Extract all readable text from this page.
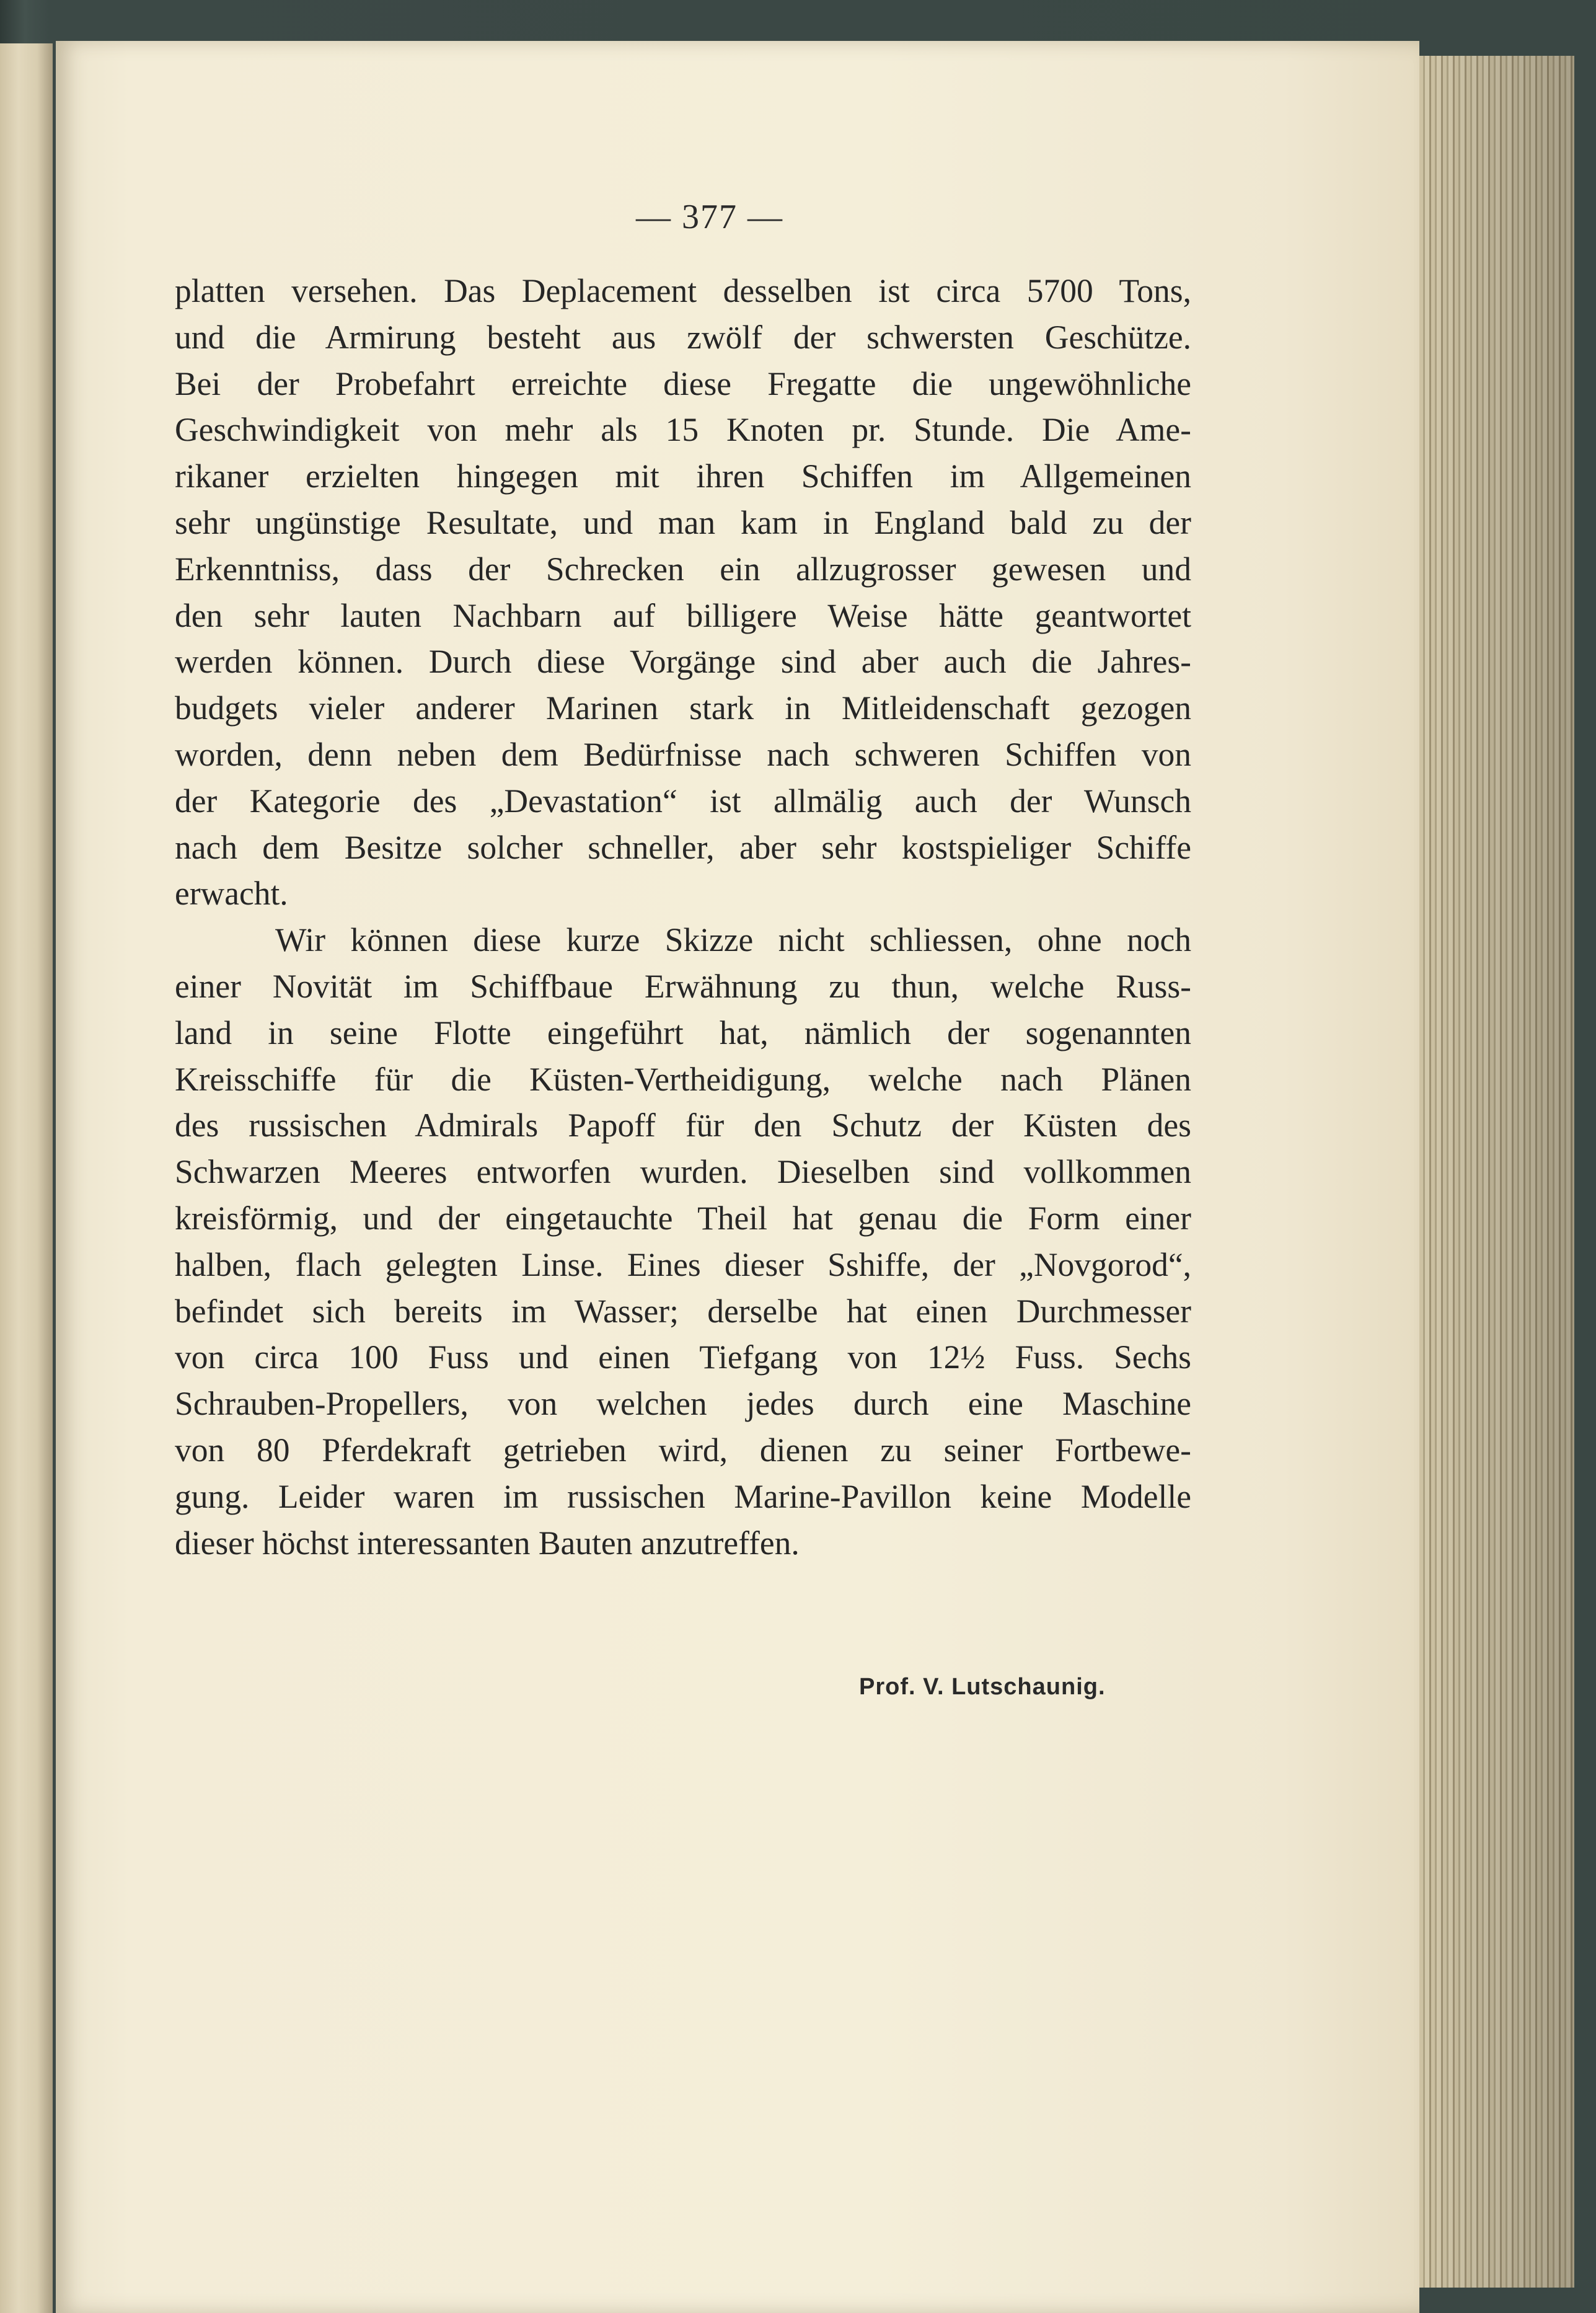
— 377 —
platten versehen. Das Deplacement desselben ist circa 5700 Tons,
und die Armirung besteht aus zwölf der schwersten Geschütze.
Bei der Probefahrt erreichte diese Fregatte die ungewöhnliche
Geschwindigkeit von mehr als 15 Knoten pr. Stunde. Die Ame-
rikaner erzielten hingegen mit ihren Schiffen im Allgemeinen
sehr ungünstige Resultate, und man kam in England bald zu der
Erkenntniss, dass der Schrecken ein allzugrosser gewesen und
den sehr lauten Nachbarn auf billigere Weise hätte geantwortet
werden können. Durch diese Vorgänge sind aber auch die Jahres-
budgets vieler anderer Marinen stark in Mitleidenschaft gezogen
worden, denn neben dem Bedürfnisse nach schweren Schiffen von
der Kategorie des „Devastation“ ist allmälig auch der Wunsch
nach dem Besitze solcher schneller, aber sehr kostspieliger Schiffe
erwacht.
Wir können diese kurze Skizze nicht schliessen, ohne noch
einer Novität im Schiffbaue Erwähnung zu thun, welche Russ-
land in seine Flotte eingeführt hat, nämlich der sogenannten
Kreisschiffe für die Küsten-Vertheidigung, welche nach Plänen
des russischen Admirals Papoff für den Schutz der Küsten des
Schwarzen Meeres entworfen wurden. Dieselben sind vollkommen
kreisförmig, und der eingetauchte Theil hat genau die Form einer
halben, flach gelegten Linse. Eines dieser Sshiffe, der „Novgorod“,
befindet sich bereits im Wasser; derselbe hat einen Durchmesser
von circa 100 Fuss und einen Tiefgang von 12½ Fuss. Sechs
Schrauben-Propellers, von welchen jedes durch eine Maschine
von 80 Pferdekraft getrieben wird, dienen zu seiner Fortbewe-
gung. Leider waren im russischen Marine-Pavillon keine Modelle
dieser höchst interessanten Bauten anzutreffen.
Prof. V. Lutschaunig.
